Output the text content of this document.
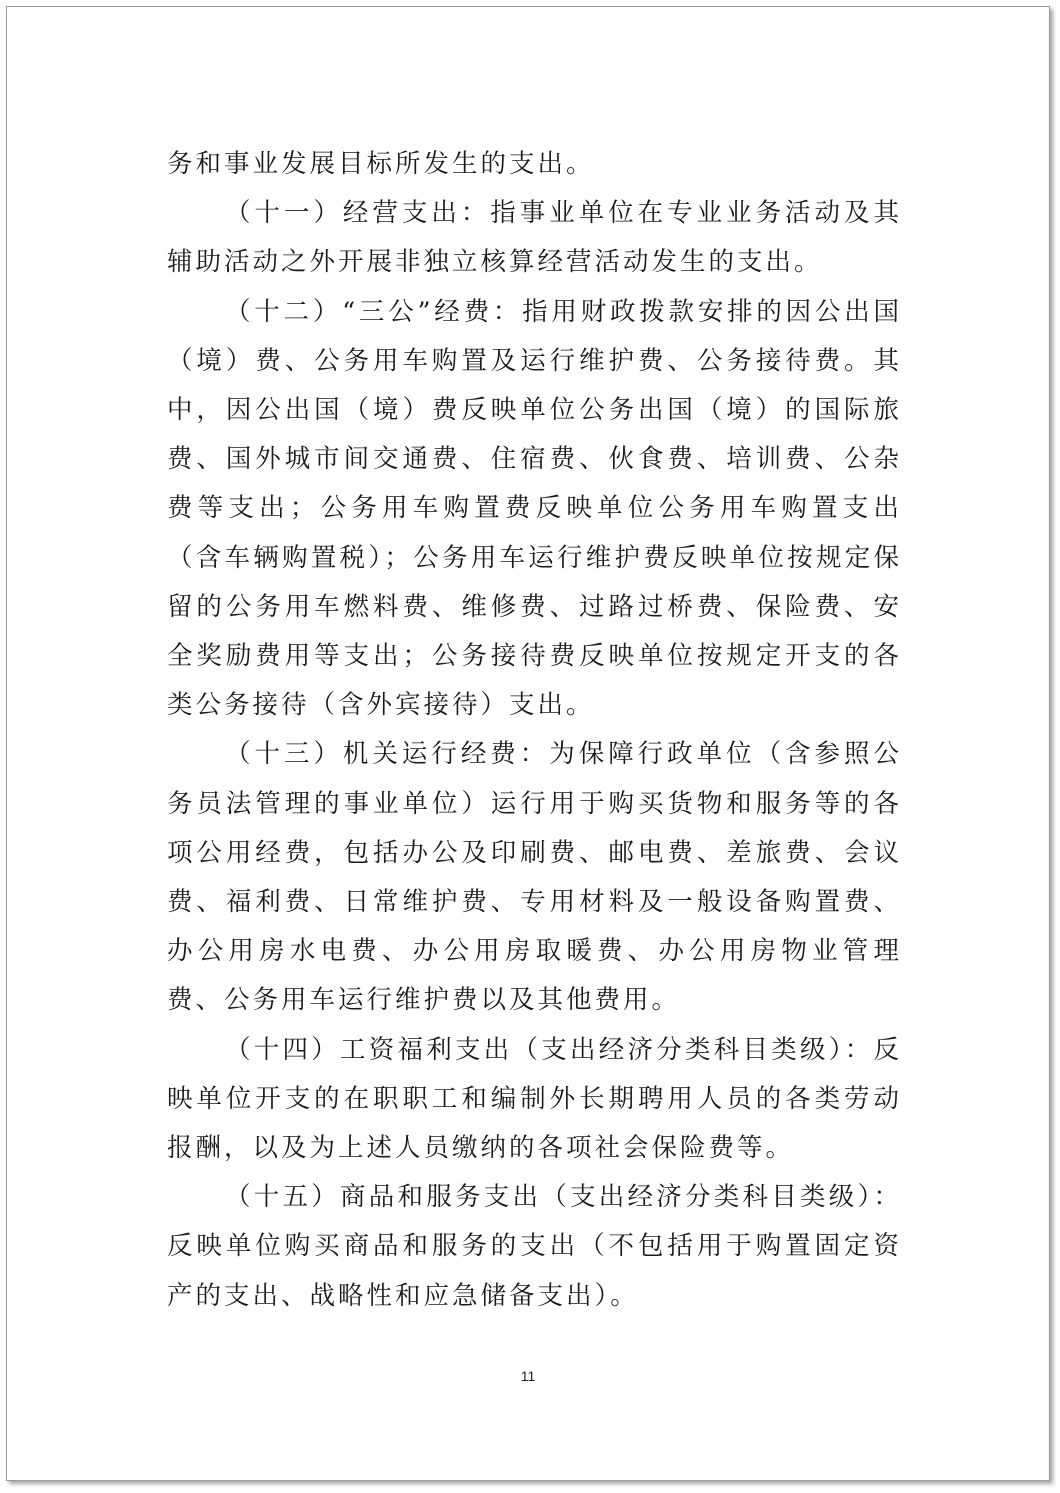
务和事业发展目标所发生的支出。

（十一）经营支出：指事业单位在专业业务活动及其辅助活动之外开展非独立核算经营活动发生的支出。

（十二）“三公”经费：指用财政拨款安排的因公出国（境）费、公务用车购置及运行维护费、公务接待费。其中，因公出国（境）费反映单位公务出国（境）的国际旅费、国外城市间交通费、住宿费、伙食费、培训费、公杂费等支出；公务用车购置费反映单位公务用车购置支出（含车辆购置税）；公务用车运行维护费反映单位按规定保留的公务用车燃料费、维修费、过路过桥费、保险费、安全奖励费用等支出；公务接待费反映单位按规定开支的各类公务接待（含外宾接待）支出。

（十三）机关运行经费：为保障行政单位（含参照公务员法管理的事业单位）运行用于购买货物和服务等的各项公用经费，包括办公及印刷费、邮电费、差旅费、会议费、福利费、日常维护费、专用材料及一般设备购置费、办公用房水电费、办公用房取暖费、办公用房物业管理费、公务用车运行维护费以及其他费用。

（十四）工资福利支出（支出经济分类科目类级）：反映单位开支的在职职工和编制外长期聘用人员的各类劳动报酬，以及为上述人员缴纳的各项社会保险费等。

（十五）商品和服务支出（支出经济分类科目类级）：反映单位购买商品和服务的支出（不包括用于购置固定资产的支出、战略性和应急储备支出）。

11
